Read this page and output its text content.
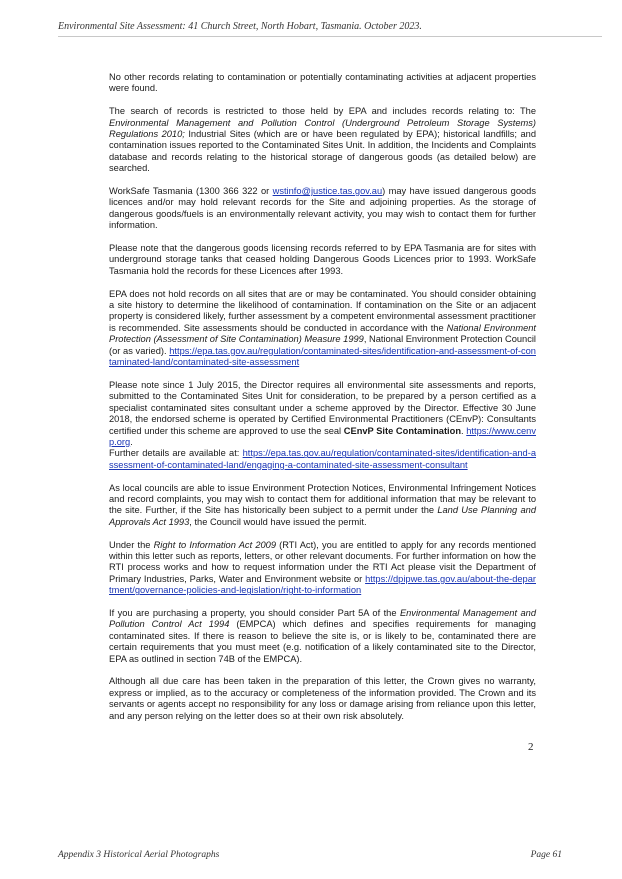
Environmental Site Assessment: 41 Church Street, North Hobart, Tasmania. October 2023.

No other records relating to contamination or potentially contaminating activities at adjacent properties were found.

The search of records is restricted to those held by EPA and includes records relating to: The Environmental Management and Pollution Control (Underground Petroleum Storage Systems) Regulations 2010; Industrial Sites (which are or have been regulated by EPA); historical landfills; and contamination issues reported to the Contaminated Sites Unit. In addition, the Incidents and Complaints database and records relating to the historical storage of dangerous goods (as detailed below) are searched.

WorkSafe Tasmania (1300 366 322 or wstinfo@justice.tas.gov.au) may have issued dangerous goods licences and/or may hold relevant records for the Site and adjoining properties. As the storage of dangerous goods/fuels is an environmentally relevant activity, you may wish to contact them for further information.

Please note that the dangerous goods licensing records referred to by EPA Tasmania are for sites with underground storage tanks that ceased holding Dangerous Goods Licences prior to 1993. WorkSafe Tasmania hold the records for these Licences after 1993.

EPA does not hold records on all sites that are or may be contaminated. You should consider obtaining a site history to determine the likelihood of contamination. If contamination on the Site or an adjacent property is considered likely, further assessment by a competent environmental assessment practitioner is recommended. Site assessments should be conducted in accordance with the National Environment Protection (Assessment of Site Contamination) Measure 1999, National Environment Protection Council (or as varied). https://epa.tas.gov.au/regulation/contaminated-sites/identification-and-assessment-of-contaminated-land/contaminated-site-assessment

Please note since 1 July 2015, the Director requires all environmental site assessments and reports, submitted to the Contaminated Sites Unit for consideration, to be prepared by a person certified as a specialist contaminated sites consultant under a scheme approved by the Director. Effective 30 June 2018, the endorsed scheme is operated by Certified Environmental Practitioners (CEnvP): Consultants certified under this scheme are approved to use the seal CEnvP Site Contamination. https://www.cenvp.org.
Further details are available at: https://epa.tas.gov.au/regulation/contaminated-sites/identification-and-assessment-of-contaminated-land/engaging-a-contaminated-site-assessment-consultant

As local councils are able to issue Environment Protection Notices, Environmental Infringement Notices and record complaints, you may wish to contact them for additional information that may be relevant to the site. Further, if the Site has historically been subject to a permit under the Land Use Planning and Approvals Act 1993, the Council would have issued the permit.

Under the Right to Information Act 2009 (RTI Act), you are entitled to apply for any records mentioned within this letter such as reports, letters, or other relevant documents. For further information on how the RTI process works and how to request information under the RTI Act please visit the Department of Primary Industries, Parks, Water and Environment website or https://dpipwe.tas.gov.au/about-the-department/governance-policies-and-legislation/right-to-information

If you are purchasing a property, you should consider Part 5A of the Environmental Management and Pollution Control Act 1994 (EMPCA) which defines and specifies requirements for managing contaminated sites. If there is reason to believe the site is, or is likely to be, contaminated there are certain requirements that you must meet (e.g. notification of a likely contaminated site to the Director, EPA as outlined in section 74B of the EMPCA).

Although all due care has been taken in the preparation of this letter, the Crown gives no warranty, express or implied, as to the accuracy or completeness of the information provided. The Crown and its servants or agents accept no responsibility for any loss or damage arising from reliance upon this letter, and any person relying on the letter does so at their own risk absolutely.

2
Appendix 3 Historical Aerial Photographs	Page 61
